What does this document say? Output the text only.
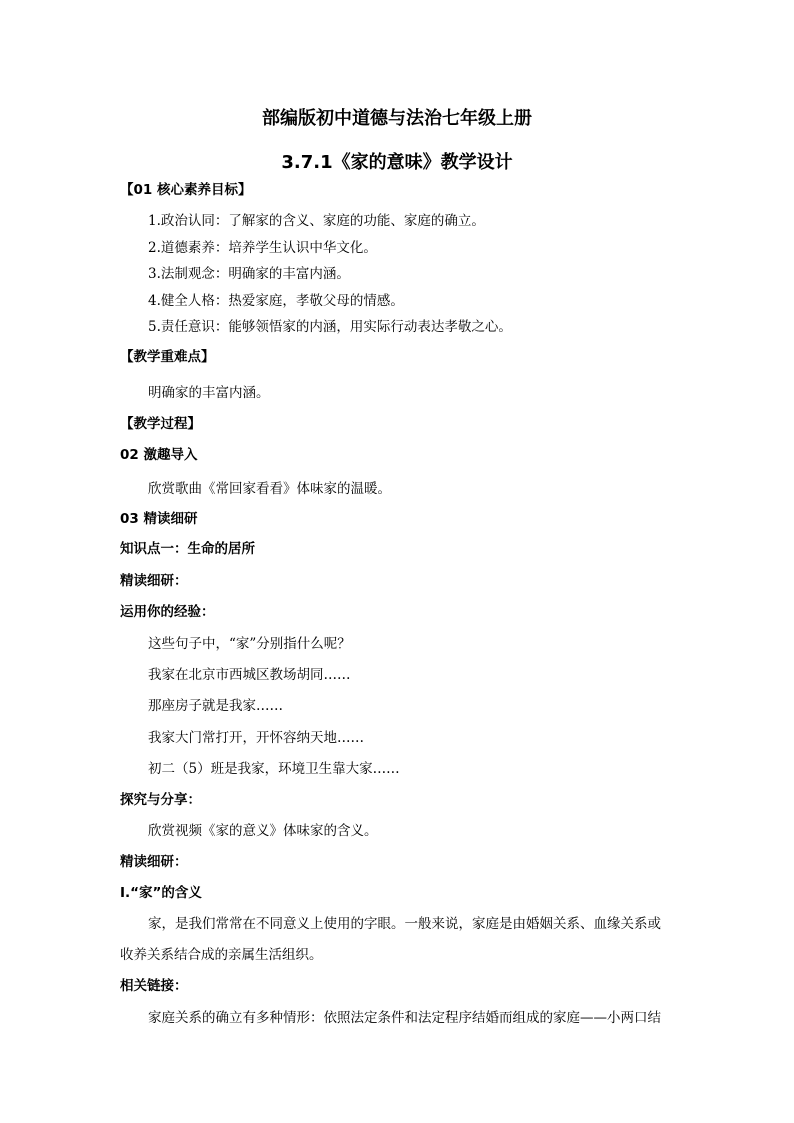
部编版初中道德与法治七年级上册
3.7.1《家的意味》教学设计
【01 核心素养目标】
1.政治认同：了解家的含义、家庭的功能、家庭的确立。
2.道德素养：培养学生认识中华文化。
3.法制观念：明确家的丰富内涵。
4.健全人格：热爱家庭，孝敬父母的情感。
5.责任意识：能够领悟家的内涵，用实际行动表达孝敬之心。
【教学重难点】
明确家的丰富内涵。
【教学过程】
02 激趣导入
欣赏歌曲《常回家看看》体味家的温暖。
03 精读细研
知识点一：生命的居所
精读细研：
运用你的经验：
这些句子中，“家”分别指什么呢？
我家在北京市西城区教场胡同……
那座房子就是我家……
我家大门常打开，开怀容纳天地……
初二（5）班是我家，环境卫生靠大家……
探究与分享：
欣赏视频《家的意义》体味家的含义。
精读细研：
Ⅰ.“家”的含义
家，是我们常常在不同意义上使用的字眼。一般来说，家庭是由婚姻关系、血缘关系或
收养关系结合成的亲属生活组织。
相关链接：
家庭关系的确立有多种情形：依照法定条件和法定程序结婚而组成的家庭——小两口结
